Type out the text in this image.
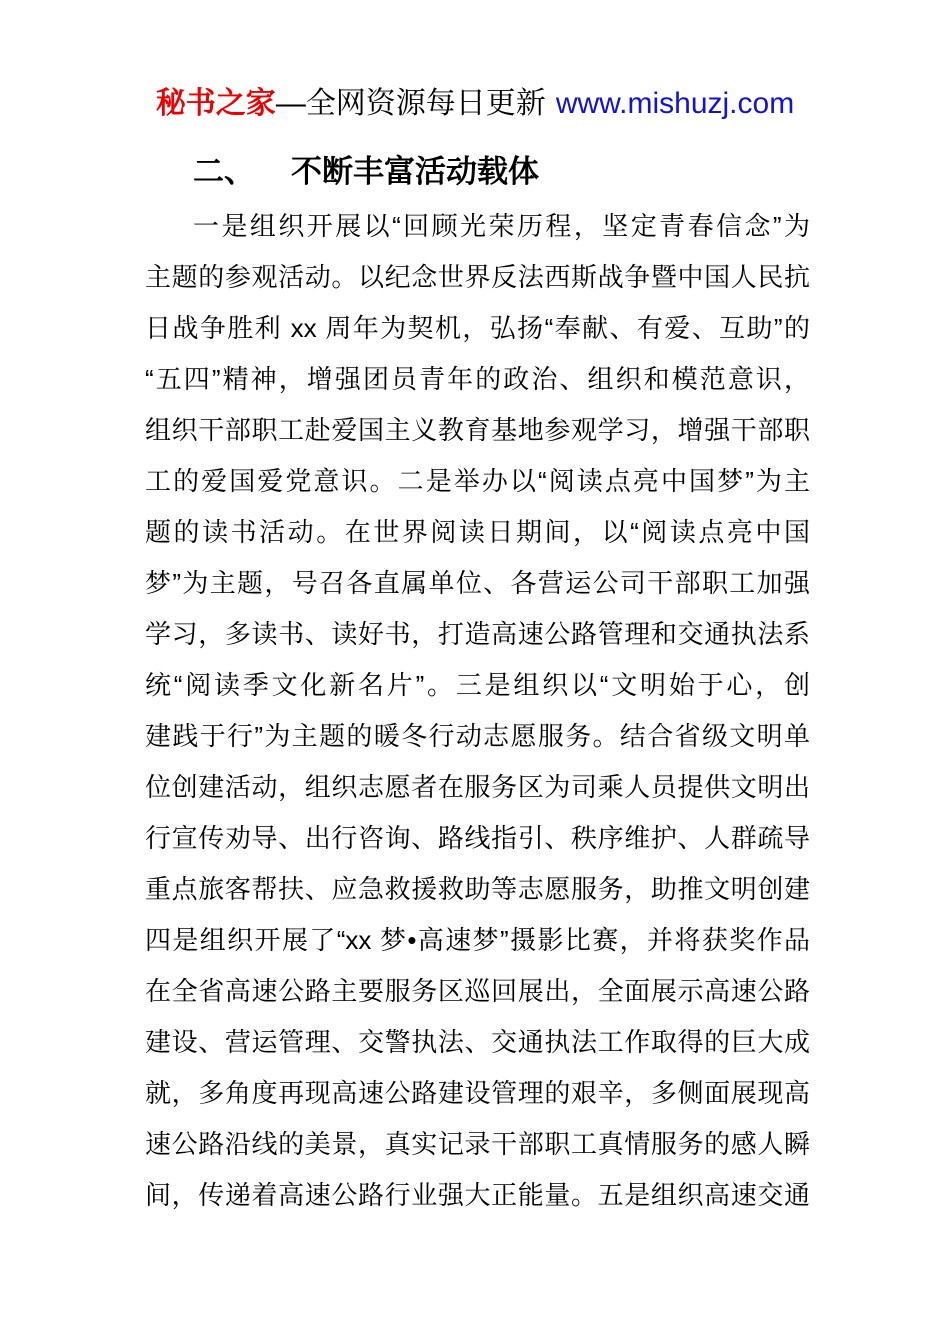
秘书之家—全网资源每日更新 www.mishuzj.com
二、 不断丰富活动载体
一是组织开展以“回顾光荣历程，坚定青春信念”为
主题的参观活动。以纪念世界反法西斯战争暨中国人民抗
日战争胜利 xx 周年为契机，弘扬“奉献、有爱、互助”的
“五四”精神，增强团员青年的政治、组织和模范意识，
组织干部职工赴爱国主义教育基地参观学习，增强干部职
工的爱国爱党意识。二是举办以“阅读点亮中国梦”为主
题的读书活动。在世界阅读日期间，以“阅读点亮中国
梦”为主题，号召各直属单位、各营运公司干部职工加强
学习，多读书、读好书，打造高速公路管理和交通执法系
统“阅读季文化新名片”。三是组织以“文明始于心，创
建践于行”为主题的暖冬行动志愿服务。结合省级文明单
位创建活动，组织志愿者在服务区为司乘人员提供文明出
行宣传劝导、出行咨询、路线指引、秩序维护、人群疏导
重点旅客帮扶、应急救援救助等志愿服务，助推文明创建
四是组织开展了“xx 梦•高速梦”摄影比赛，并将获奖作品
在全省高速公路主要服务区巡回展出，全面展示高速公路
建设、营运管理、交警执法、交通执法工作取得的巨大成
就，多角度再现高速公路建设管理的艰辛，多侧面展现高
速公路沿线的美景，真实记录干部职工真情服务的感人瞬
间，传递着高速公路行业强大正能量。五是组织高速交通
